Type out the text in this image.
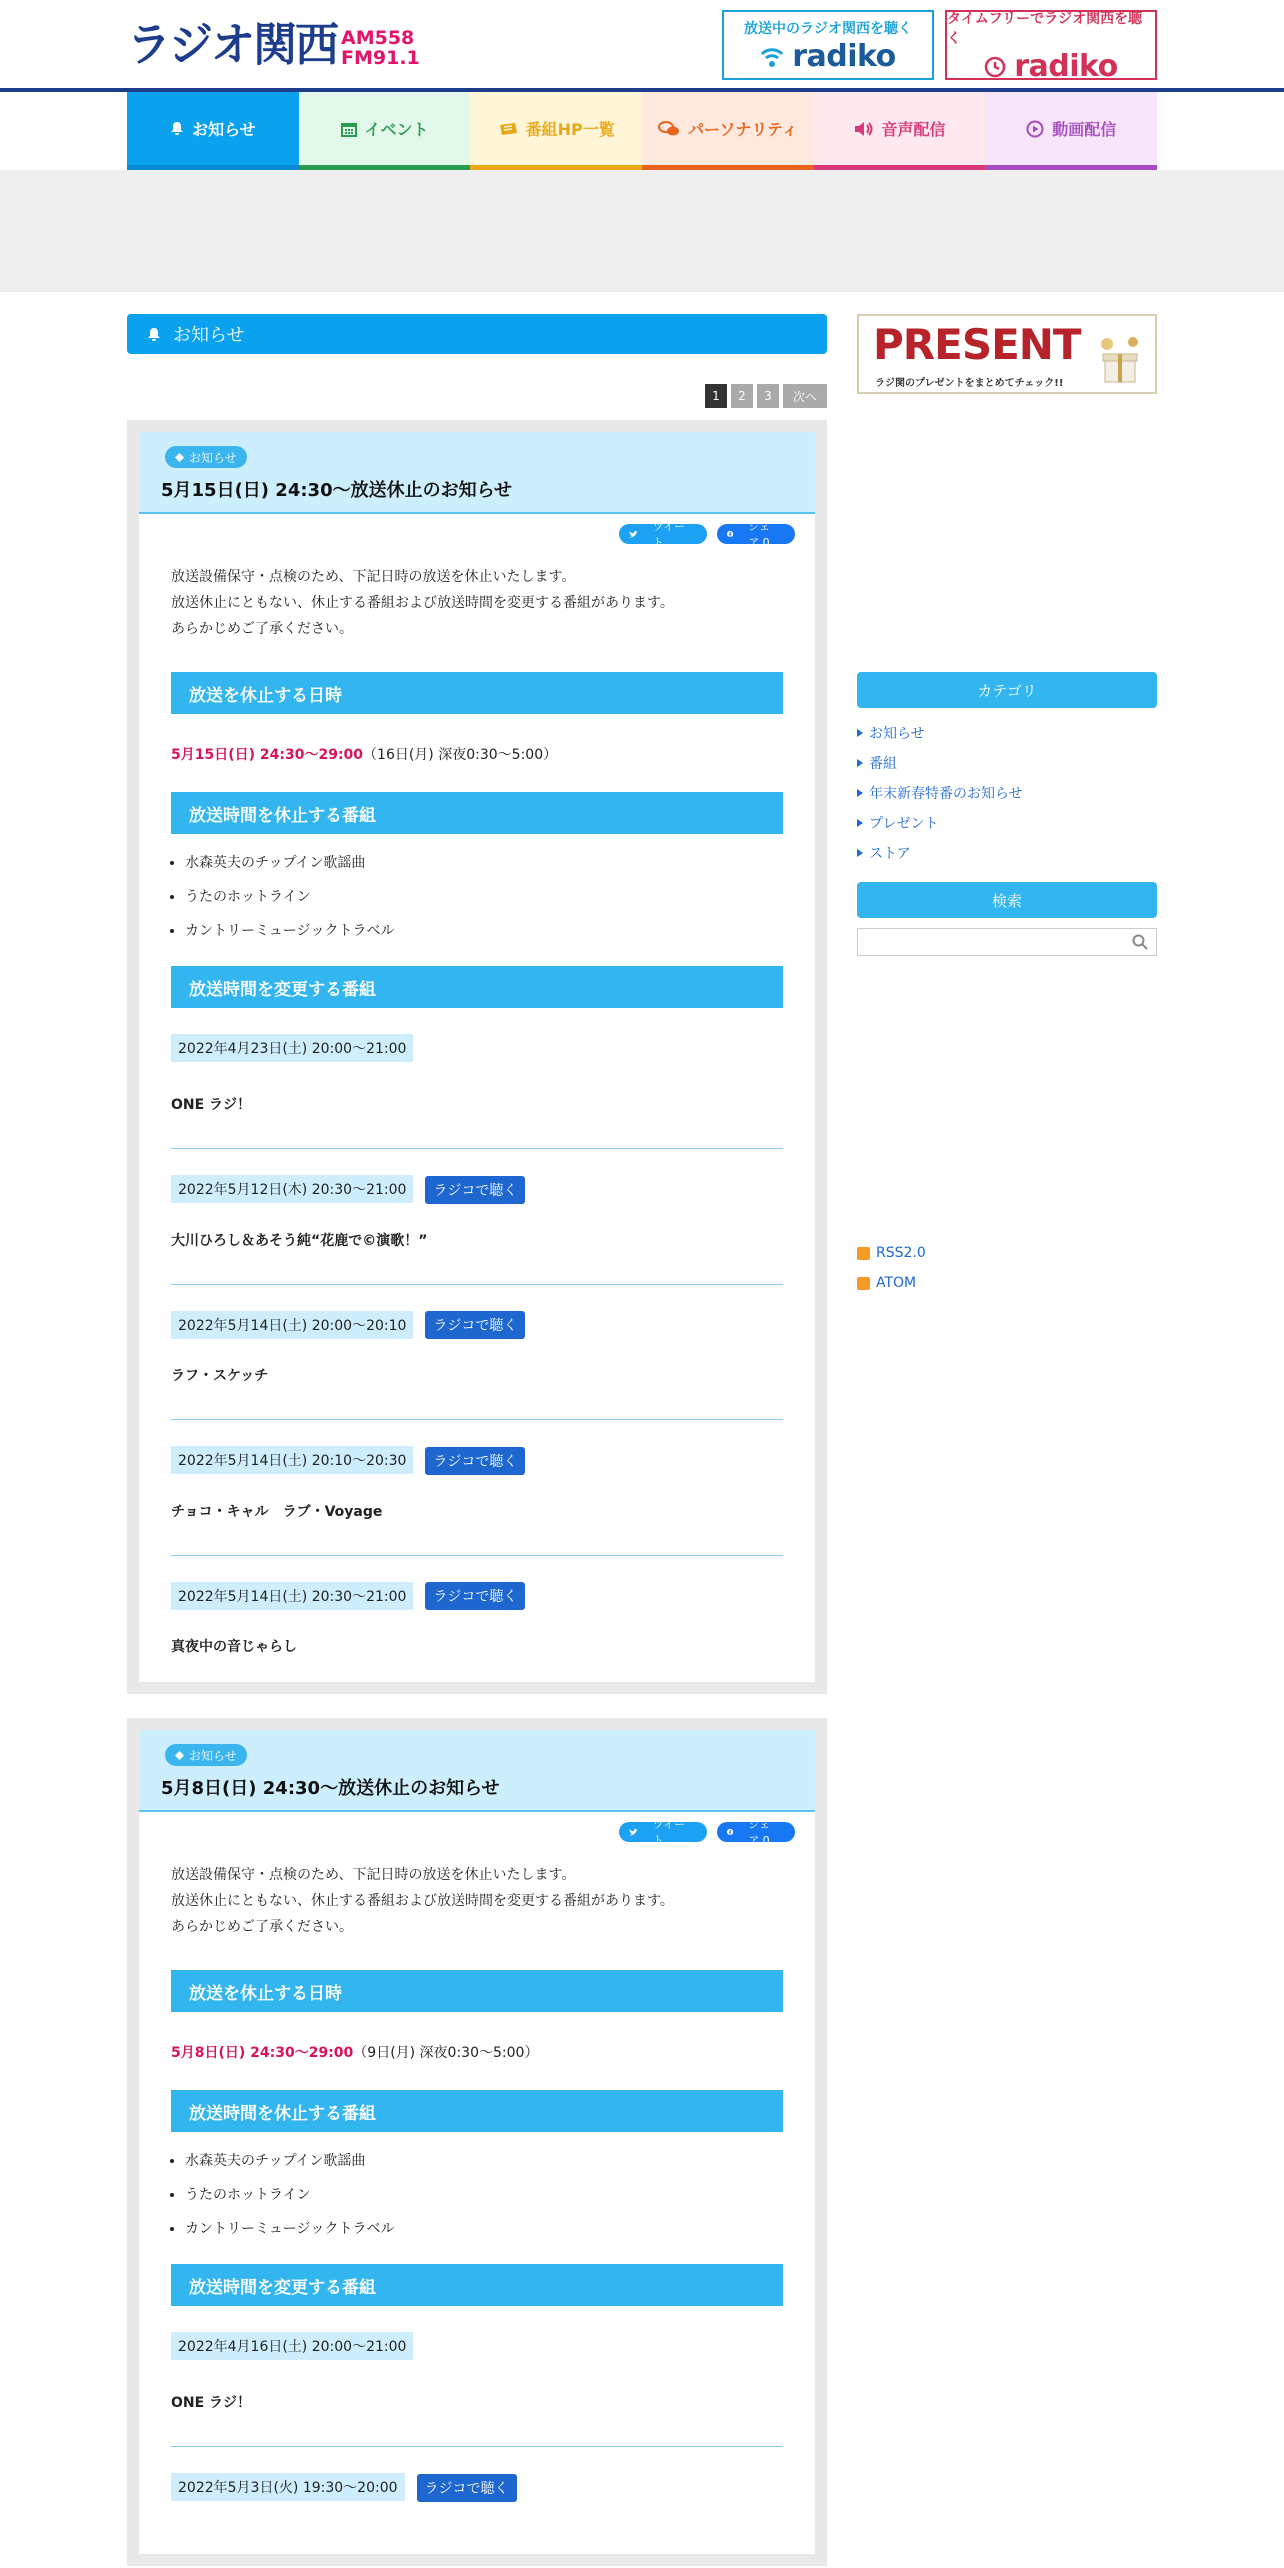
ラジオ関西 AM558
FM91.1
放送中のラジオ関西を聴く
radiko
タイムフリーでラジオ関西を聴く
radiko
お知らせ	イベント	番組HP一覧	パーソナリティ	音声配信	動画配信
お知らせ
1	2	3	次へ
お知らせ
5月15日(日) 24:30～放送休止のお知らせ
ツイート
シェア 0
放送設備保守・点検のため、下記日時の放送を休止いたします。
放送休止にともない、休止する番組および放送時間を変更する番組があります。
あらかじめご了承ください。
放送を休止する日時
5月15日(日) 24:30～29:00（16日(月) 深夜0:30～5:00）
放送時間を休止する番組
• 水森英夫のチップイン歌謡曲
• うたのホットライン
• カントリーミュージックトラベル
放送時間を変更する番組
2022年4月23日(土) 20:00～21:00
ONE ラジ！
2022年5月12日(木) 20:30～21:00 ラジコで聴く
大川ひろし＆あそう純“花鹿で©演歌！”
2022年5月14日(土) 20:00～20:10 ラジコで聴く
ラフ・スケッチ
2022年5月14日(土) 20:10～20:30 ラジコで聴く
チョコ・キャル　ラブ・Voyage
2022年5月14日(土) 20:30～21:00 ラジコで聴く
真夜中の音じゃらし
お知らせ
5月8日(日) 24:30～放送休止のお知らせ
ツイート
シェア 0
放送設備保守・点検のため、下記日時の放送を休止いたします。
放送休止にともない、休止する番組および放送時間を変更する番組があります。
あらかじめご了承ください。
放送を休止する日時
5月8日(日) 24:30～29:00（9日(月) 深夜0:30～5:00）
放送時間を休止する番組
• 水森英夫のチップイン歌謡曲
• うたのホットライン
• カントリーミュージックトラベル
放送時間を変更する番組
2022年4月16日(土) 20:00～21:00
ONE ラジ！
2022年5月3日(火) 19:30～20:00 ラジコで聴く
PRESENT
ラジ関のプレゼントをまとめてチェック!!
カテゴリ
お知らせ
番組
年末新春特番のお知らせ
プレゼント
ストア
検索
RSS2.0
ATOM
